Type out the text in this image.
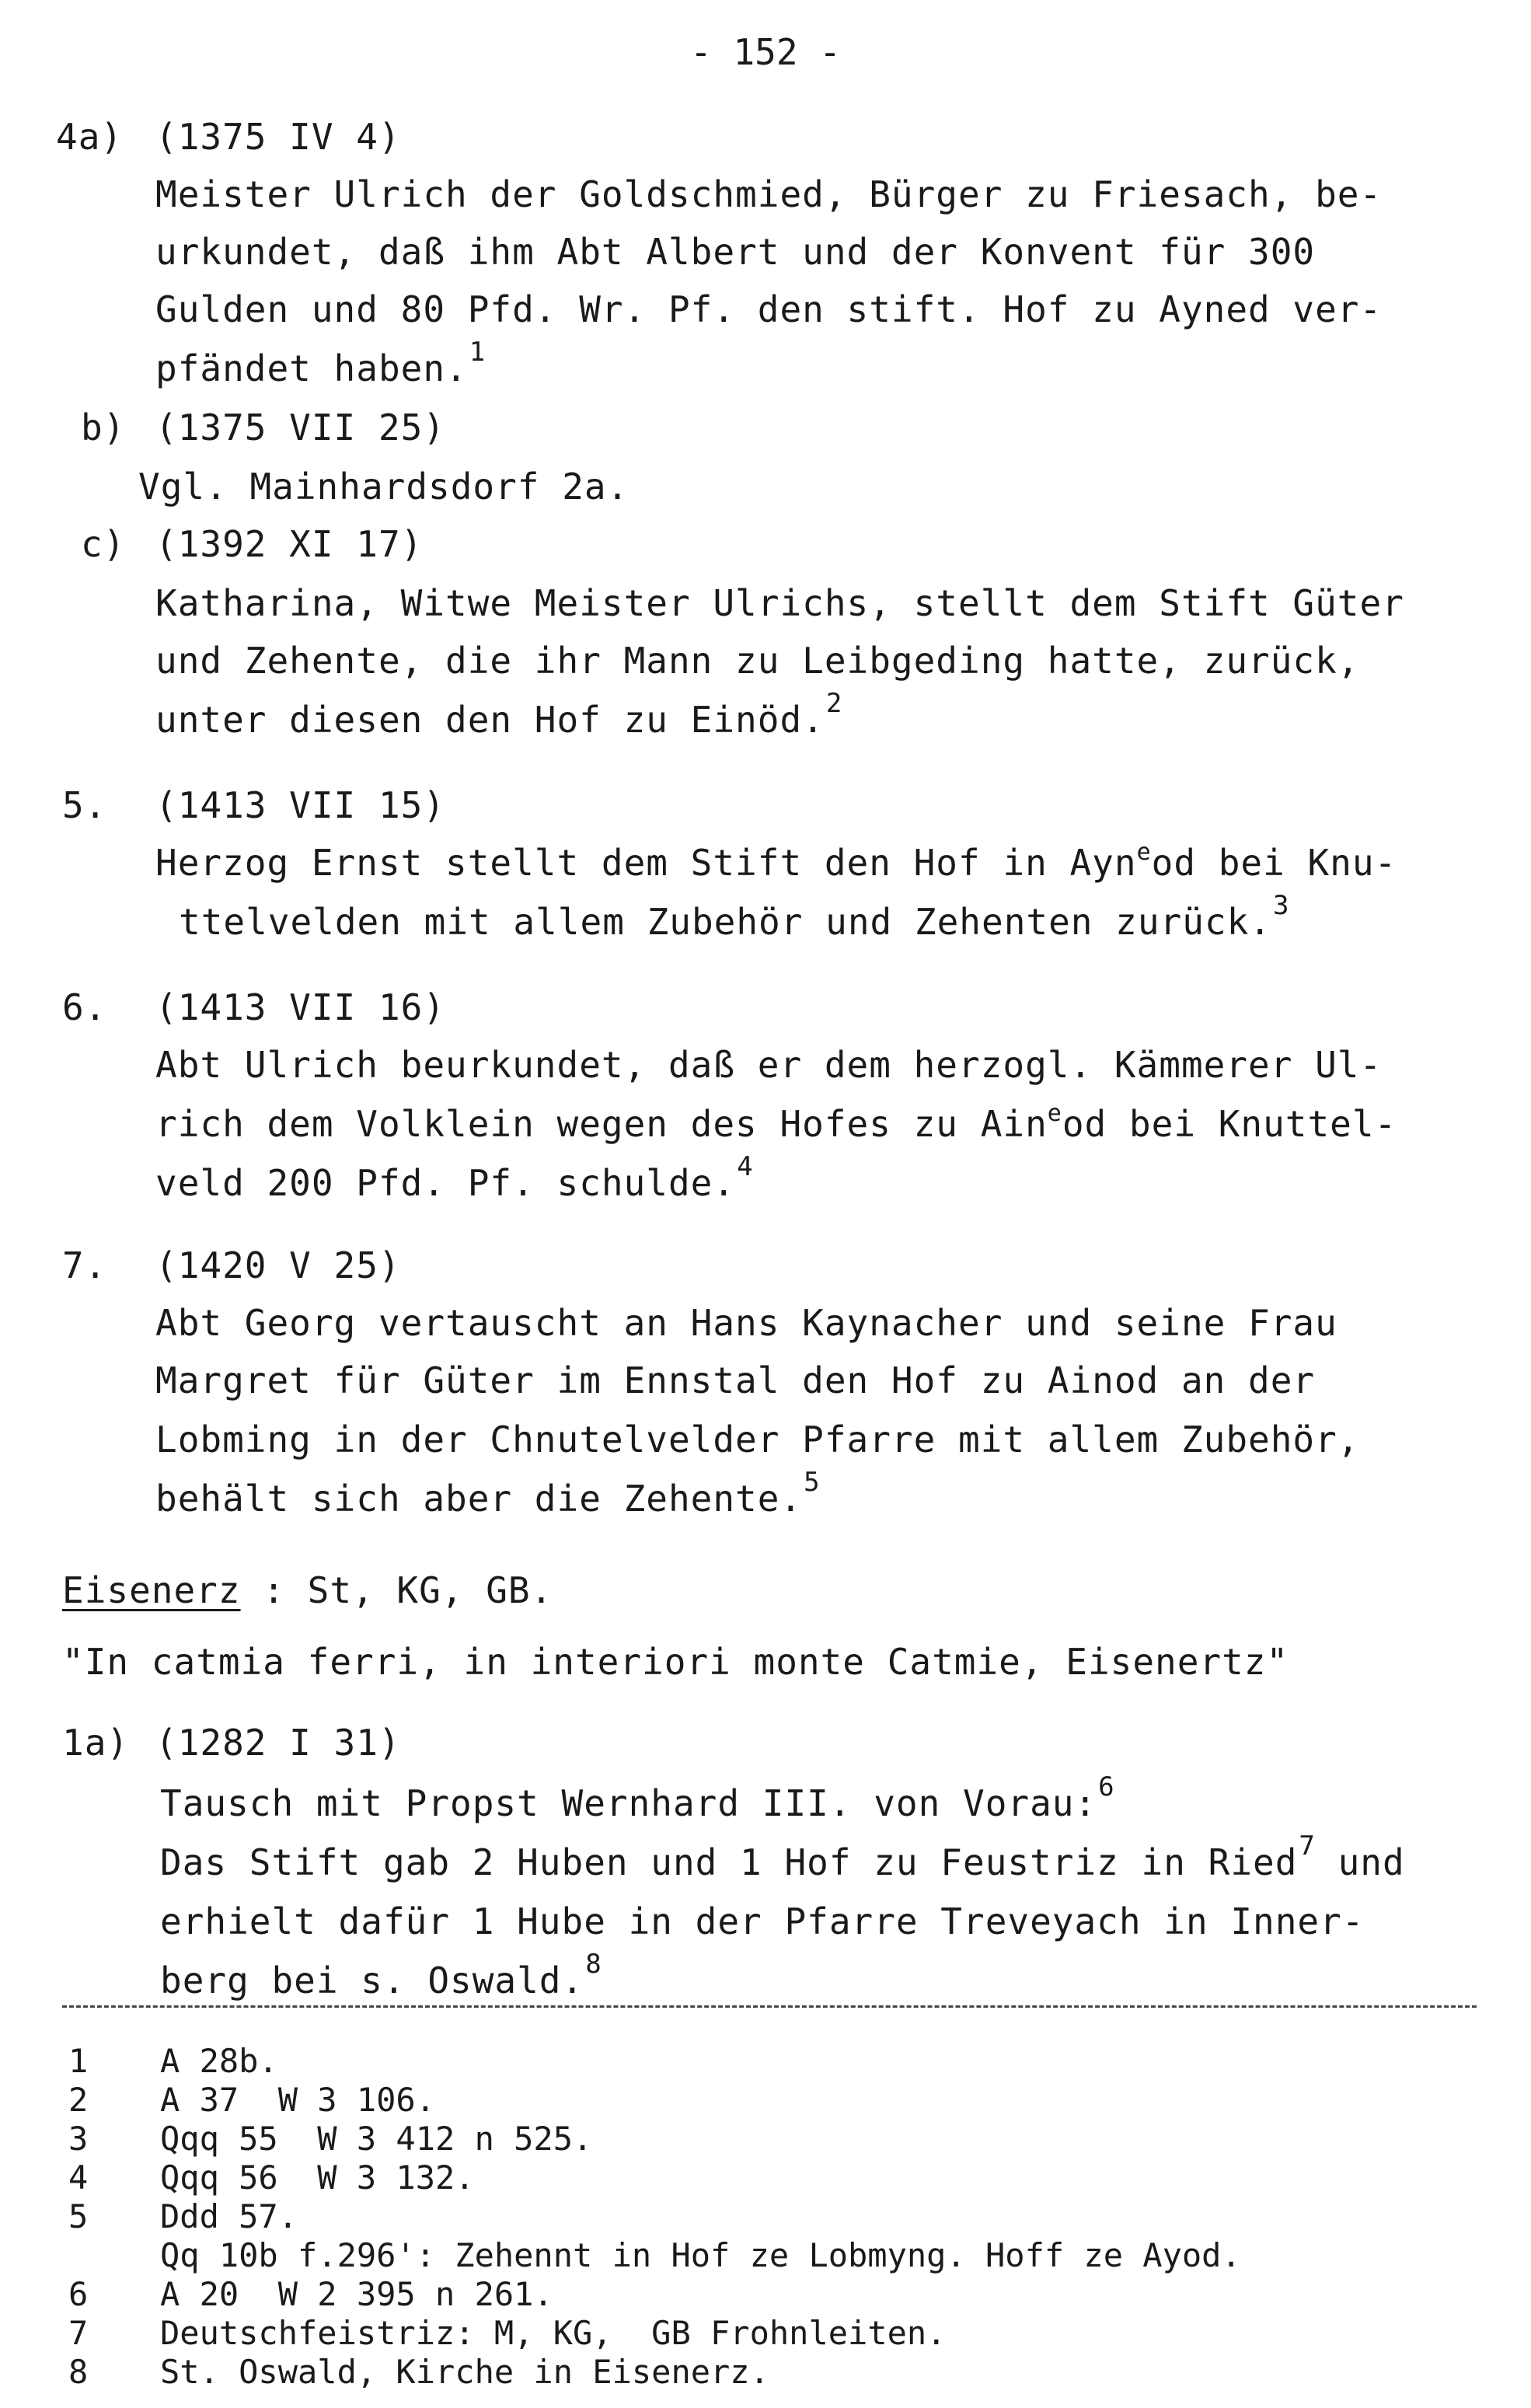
- 152 -
4a) (1375 IV 4)
Meister Ulrich der Goldschmied, Bürger zu Friesach, be-
urkundet, daß ihm Abt Albert und der Konvent für 300
Gulden und 80 Pfd. Wr. Pf. den stift. Hof zu Ayned ver-
pfändet haben.$^1$
b) (1375 VII 25)
Vgl. Mainhardsdorf 2a.
c) (1392 XI 17)
Katharina, Witwe Meister Ulrichs, stellt dem Stift Güter
und Zehente, die ihr Mann zu Leibgeding hatte, zurück,
unter diesen den Hof zu Einöd.$^2$
5. (1413 VII 15)
Herzog Ernst stellt dem Stift den Hof in Ayn$^e$od bei Knu-
ttelvelden mit allem Zubehör und Zehenten zurück.$^3$
6. (1413 VII 16)
Abt Ulrich beurkundet, daß er dem herzogl. Kämmerer Ul-
rich dem Volklein wegen des Hofes zu Ain$^e$od bei Knuttel-
veld 200 Pfd. Pf. schulde.$^4$
7. (1420 V 25)
Abt Georg vertauscht an Hans Kaynacher und seine Frau
Margret für Güter im Ennstal den Hof zu Ainod an der
Lobming in der Chnutelvelder Pfarre mit allem Zubehör,
behält sich aber die Zehente.$^5$
Eisenerz : St, KG, GB.
"In catmia ferri, in interiori monte Catmie, Eisenertz"
1a) (1282 I 31)
Tausch mit Propst Wernhard III. von Vorau:$^6$
Das Stift gab 2 Huben und 1 Hof zu Feustriz in Ried$^7$ und
erhielt dafür 1 Hube in der Pfarre Treveyach in Inner-
berg bei s. Oswald.$^8$
1 A 28b.
2 A 37  W 3 106.
3 Qqq 55  W 3 412 n 525.
4 Qqq 56  W 3 132.
5 Ddd 57.
Qq 10b f.296': Zehennt in Hof ze Lobmyng. Hoff ze Ayod.
6 A 20  W 2 395 n 261.
7 Deutschfeistriz: M, KG,  GB Frohnleiten.
8 St. Oswald, Kirche in Eisenerz.
